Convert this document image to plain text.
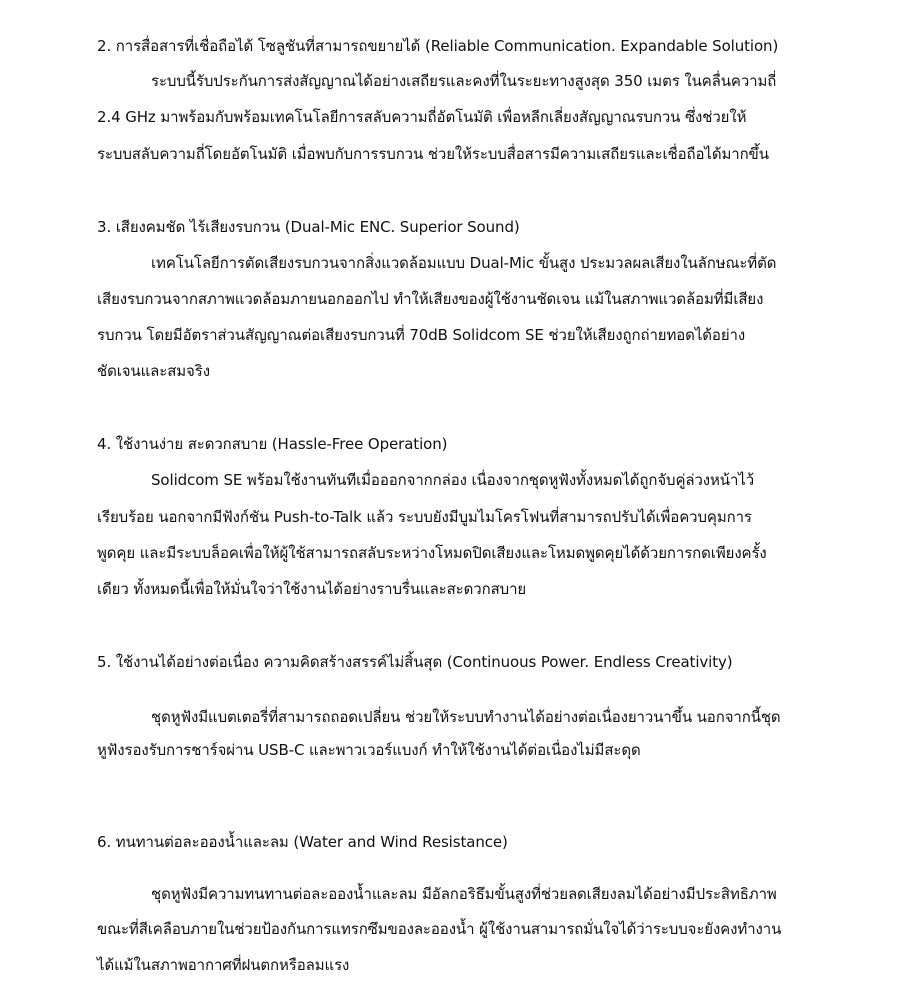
2. การสื่อสารที่เชื่อถือได้ โซลูชันที่สามารถขยายได้ (Reliable Communication. Expandable Solution)
ระบบนี้รับประกันการส่งสัญญาณได้อย่างเสถียรและคงที่ในระยะทางสูงสุด 350 เมตร ในคลื่นความถี่
2.4 GHz มาพร้อมกับพร้อมเทคโนโลยีการสลับความถี่อัตโนมัติ เพื่อหลีกเลี่ยงสัญญาณรบกวน ซึ่งช่วยให้
ระบบสลับความถี่โดยอัตโนมัติ เมื่อพบกับการรบกวน ช่วยให้ระบบสื่อสารมีความเสถียรและเชื่อถือได้มากขึ้น
3. เสียงคมชัด ไร้เสียงรบกวน (Dual-Mic ENC. Superior Sound)
เทคโนโลยีการตัดเสียงรบกวนจากสิ่งแวดล้อมแบบ Dual-Mic ขั้นสูง ประมวลผลเสียงในลักษณะที่ตัด
เสียงรบกวนจากสภาพแวดล้อมภายนอกออกไป ทำให้เสียงของผู้ใช้งานชัดเจน แม้ในสภาพแวดล้อมที่มีเสียง
รบกวน โดยมีอัตราส่วนสัญญาณต่อเสียงรบกวนที่ 70dB Solidcom SE ช่วยให้เสียงถูกถ่ายทอดได้อย่าง
ชัดเจนและสมจริง
4. ใช้งานง่าย สะดวกสบาย (Hassle-Free Operation)
Solidcom SE พร้อมใช้งานทันทีเมื่อออกจากกล่อง เนื่องจากชุดหูฟังทั้งหมดได้ถูกจับคู่ล่วงหน้าไว้
เรียบร้อย นอกจากมีฟังก์ชัน Push-to-Talk แล้ว ระบบยังมีบูมไมโครโฟนที่สามารถปรับได้เพื่อควบคุมการ
พูดคุย และมีระบบล็อคเพื่อให้ผู้ใช้สามารถสลับระหว่างโหมดปิดเสียงและโหมดพูดคุยได้ด้วยการกดเพียงครั้ง
เดียว ทั้งหมดนี้เพื่อให้มั่นใจว่าใช้งานได้อย่างราบรื่นและสะดวกสบาย
5. ใช้งานได้อย่างต่อเนื่อง ความคิดสร้างสรรค์ไม่สิ้นสุด (Continuous Power. Endless Creativity)
ชุดหูฟังมีแบตเตอรี่ที่สามารถถอดเปลี่ยน ช่วยให้ระบบทำงานได้อย่างต่อเนื่องยาวนาขึ้น นอกจากนี้ชุด
หูฟังรองรับการชาร์จผ่าน USB-C และพาวเวอร์แบงก์ ทำให้ใช้งานได้ต่อเนื่องไม่มีสะดุด
6. ทนทานต่อละอองน้ำและลม (Water and Wind Resistance)
ชุดหูฟังมีความทนทานต่อละอองน้ำและลม มีอัลกอริธึมขั้นสูงที่ช่วยลดเสียงลมได้อย่างมีประสิทธิภาพ
ขณะที่สีเคลือบภายในช่วยป้องกันการแทรกซึมของละอองน้ำ ผู้ใช้งานสามารถมั่นใจได้ว่าระบบจะยังคงทำงาน
ได้แม้ในสภาพอากาศที่ฝนตกหรือลมแรง
